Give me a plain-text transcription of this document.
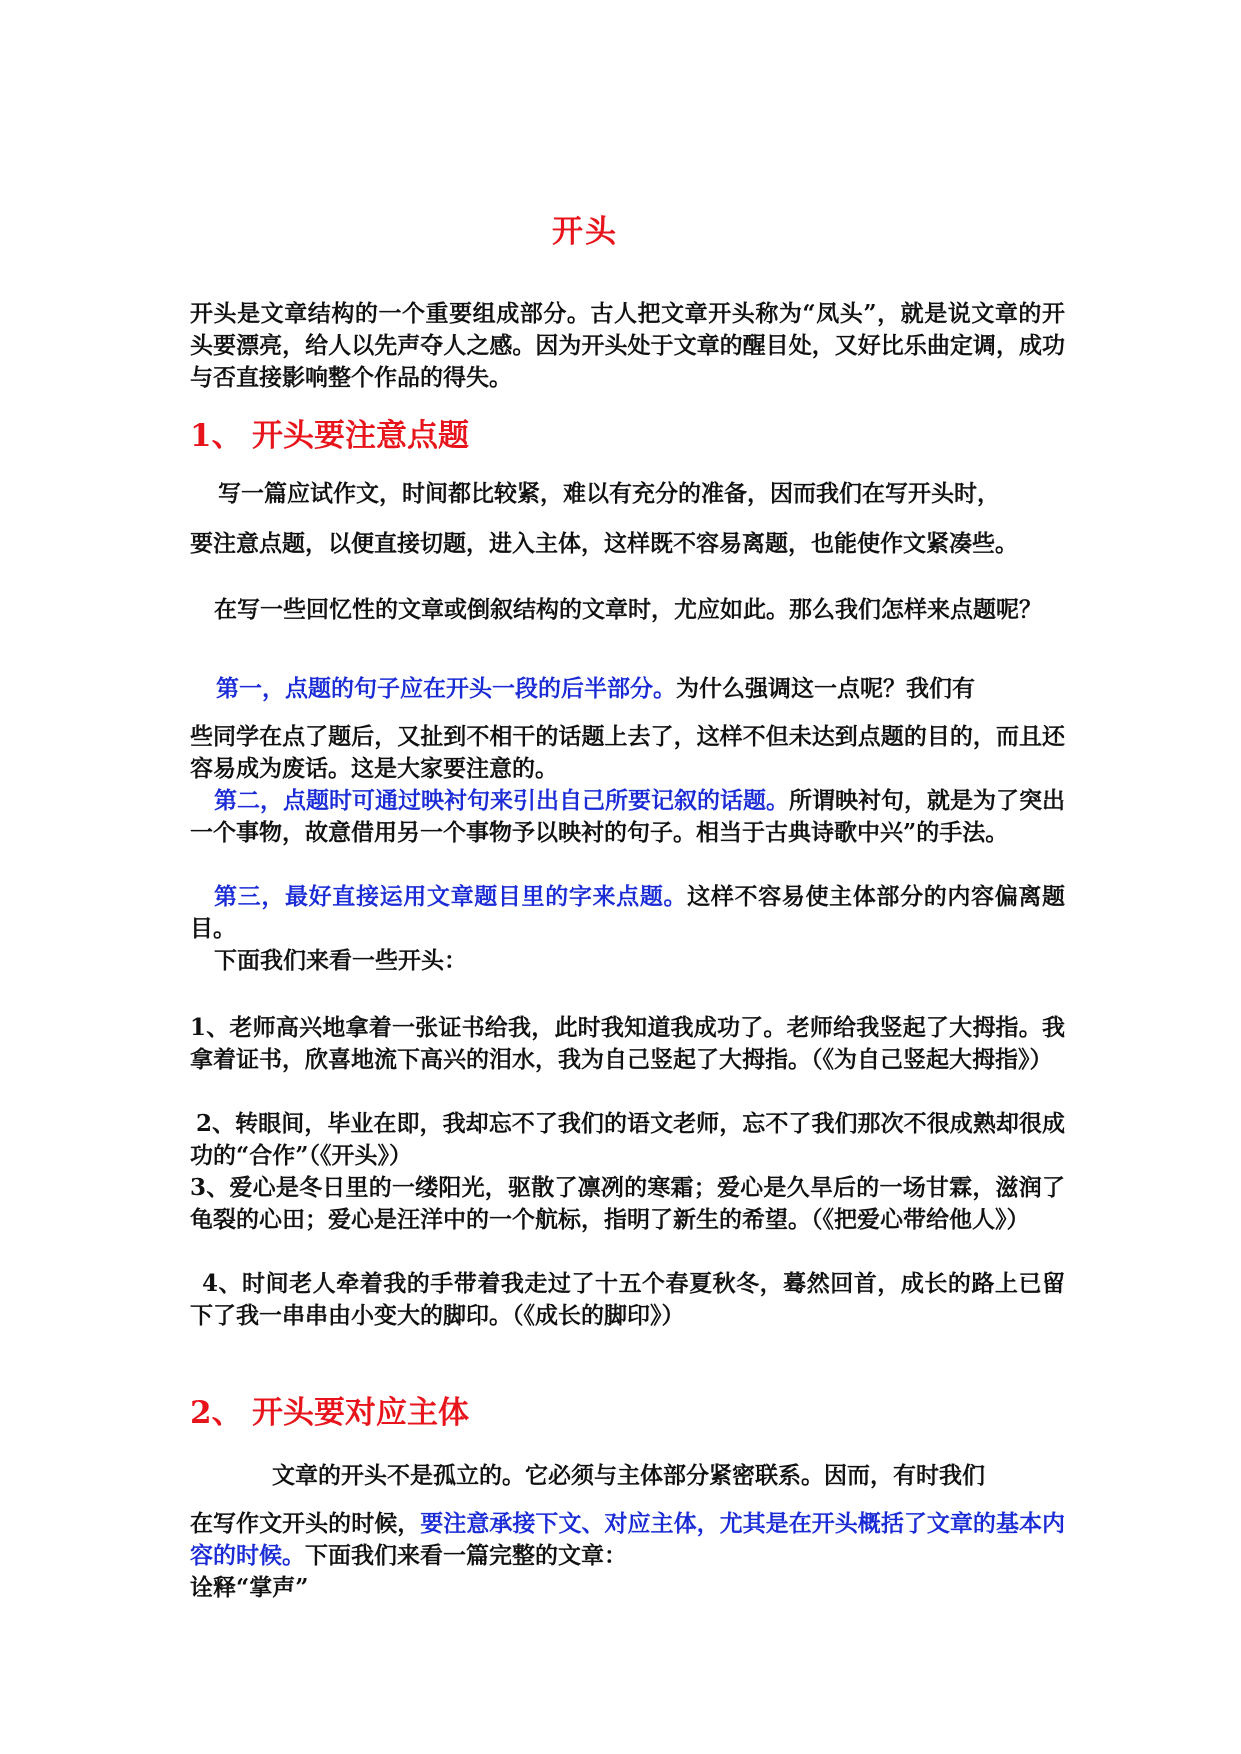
开头
开头是文章结构的一个重要组成部分。古人把文章开头称为“凤头”，就是说文章的开头要漂亮，给人以先声夺人之感。因为开头处于文章的醒目处，又好比乐曲定调，成功与否直接影响整个作品的得失。
1、 开头要注意点题
写一篇应试作文，时间都比较紧，难以有充分的准备，因而我们在写开头时，
要注意点题，以便直接切题，进入主体，这样既不容易离题，也能使作文紧凑些。
在写一些回忆性的文章或倒叙结构的文章时，尤应如此。那么我们怎样来点题呢？
第一，点题的句子应在开头一段的后半部分。为什么强调这一点呢？我们有
些同学在点了题后，又扯到不相干的话题上去了，这样不但未达到点题的目的，而且还容易成为废话。这是大家要注意的。
第二，点题时可通过映衬句来引出自己所要记叙的话题。所谓映衬句，就是为了突出一个事物，故意借用另一个事物予以映衬的句子。相当于古典诗歌中兴”的手法。
第三，最好直接运用文章题目里的字来点题。这样不容易使主体部分的内容偏离题目。
下面我们来看一些开头：
1、老师高兴地拿着一张证书给我，此时我知道我成功了。老师给我竖起了大拇指。我拿着证书，欣喜地流下高兴的泪水，我为自己竖起了大拇指。（《为自己竖起大拇指》）
2、转眼间，毕业在即，我却忘不了我们的语文老师，忘不了我们那次不很成熟却很成功的“合作”（《开头》）
3、爱心是冬日里的一缕阳光，驱散了凛冽的寒霜；爱心是久旱后的一场甘霖，滋润了龟裂的心田；爱心是汪洋中的一个航标，指明了新生的希望。（《把爱心带给他人》）
4、时间老人牵着我的手带着我走过了十五个春夏秋冬，蓦然回首，成长的路上已留下了我一串串由小变大的脚印。（《成长的脚印》）
2、 开头要对应主体
文章的开头不是孤立的。它必须与主体部分紧密联系。因而，有时我们
在写作文开头的时候，要注意承接下文、对应主体，尤其是在开头概括了文章的基本内容的时候。下面我们来看一篇完整的文章：
诠释“掌声”
